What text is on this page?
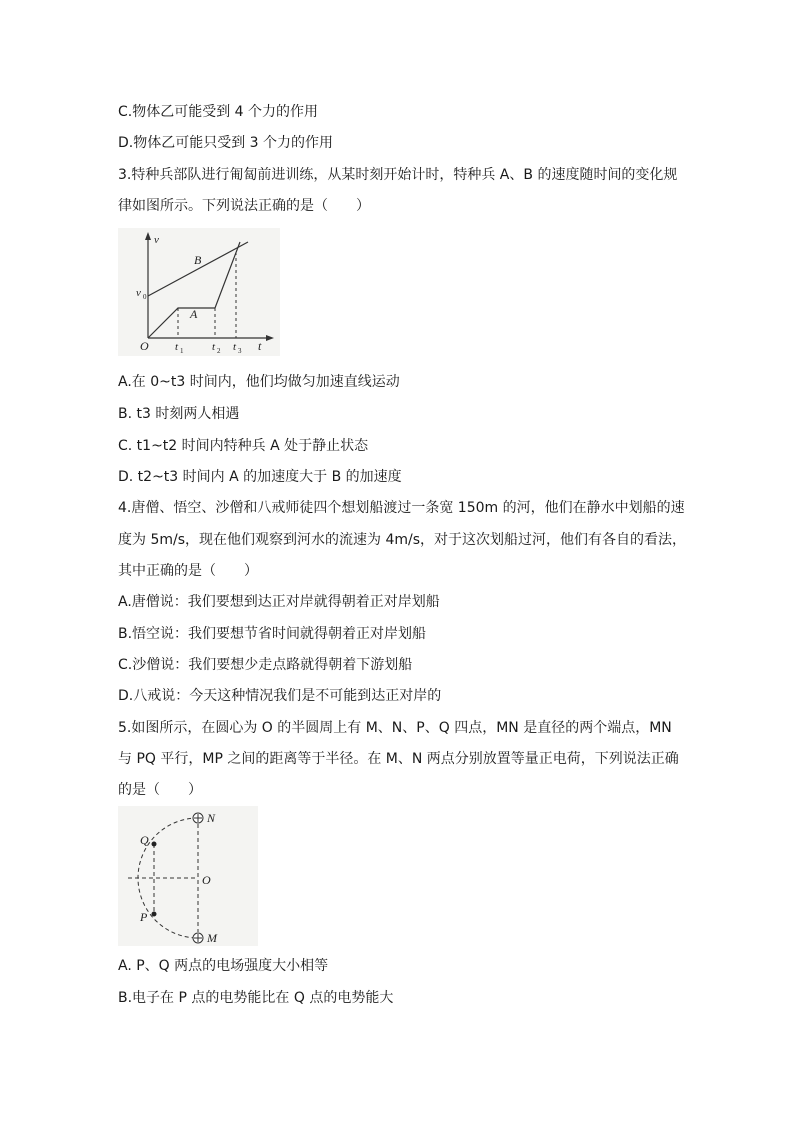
C.物体乙可能受到 4 个力的作用
D.物体乙可能只受到 3 个力的作用
3.特种兵部队进行匍匐前进训练，从某时刻开始计时，特种兵 A、B 的速度随时间的变化规
律如图所示。下列说法正确的是（　　）
v
v 0
B
A
O	t
t 1	t 2 t 3
A.在 0~t3 时间内，他们均做匀加速直线运动
B. t3 时刻两人相遇
C. t1~t2 时间内特种兵 A 处于静止状态
D. t2~t3 时间内 A 的加速度大于 B 的加速度
4.唐僧、悟空、沙僧和八戒师徒四个想划船渡过一条宽 150m 的河，他们在静水中划船的速
度为 5m/s，现在他们观察到河水的流速为 4m/s，对于这次划船过河，他们有各自的看法，
其中正确的是（　　）
A.唐僧说：我们要想到达正对岸就得朝着正对岸划船
B.悟空说：我们要想节省时间就得朝着正对岸划船
C.沙僧说：我们要想少走点路就得朝着下游划船
D.八戒说：今天这种情况我们是不可能到达正对岸的
5.如图所示，在圆心为 O 的半圆周上有 M、N、P、Q 四点，MN 是直径的两个端点，MN
与 PQ 平行，MP 之间的距离等于半径。在 M、N 两点分别放置等量正电荷，下列说法正确
的是（　　）
N
Q
O
P
M
A. P、Q 两点的电场强度大小相等
B.电子在 P 点的电势能比在 Q 点的电势能大
